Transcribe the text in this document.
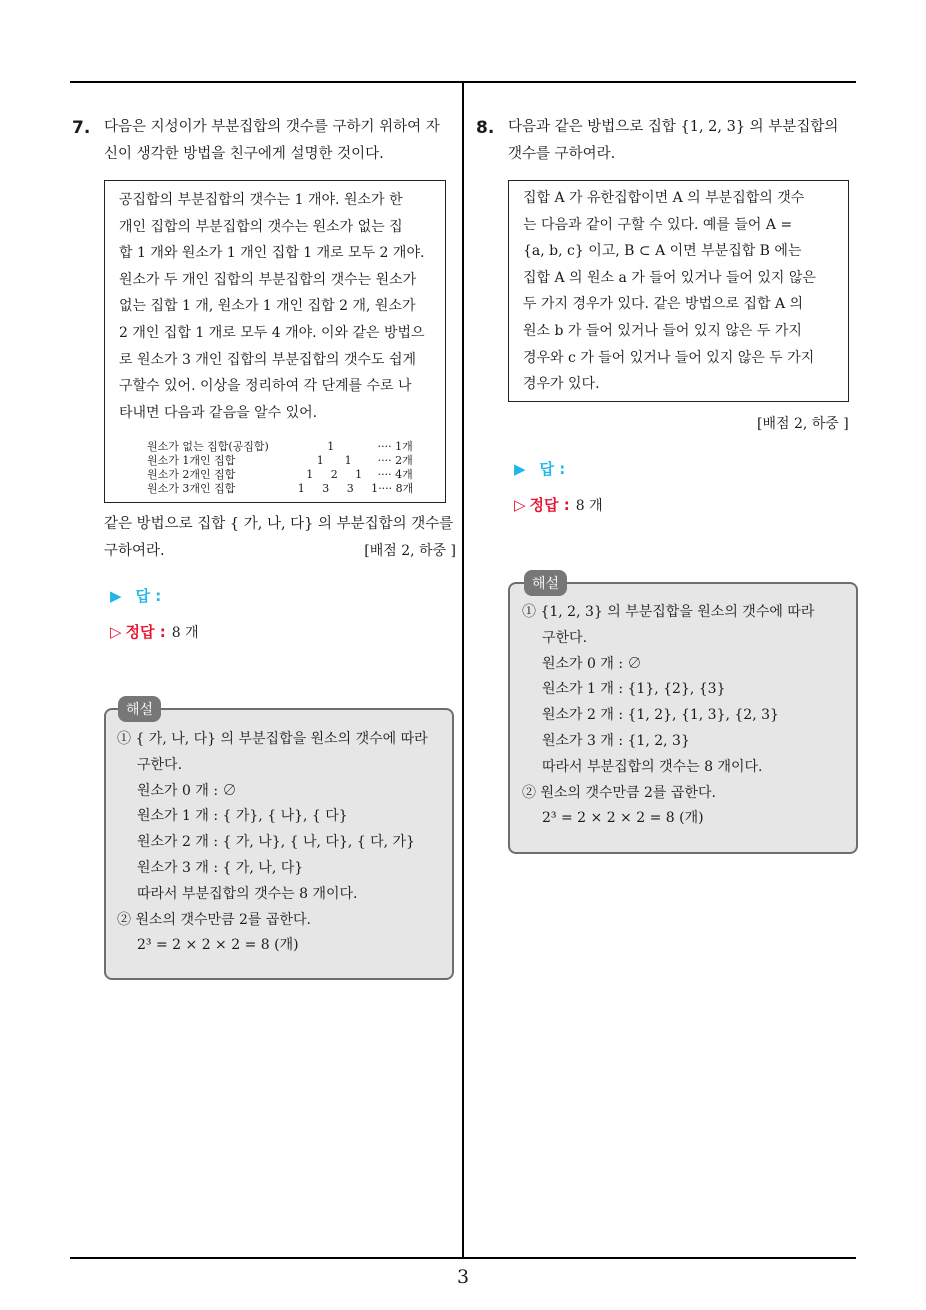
3
7. 다음은 지성이가 부분집합의 갯수를 구하기 위하여 자
신이 생각한 방법을 친구에게 설명한 것이다.
공집합의 부분집합의 갯수는 1 개야. 원소가 한
개인 집합의 부분집합의 갯수는 원소가 없는 집
합 1 개와 원소가 1 개인 집합 1 개로 모두 2 개야.
원소가 두 개인 집합의 부분집합의 갯수는 원소가
없는 집합 1 개, 원소가 1 개인 집합 2 개, 원소가
2 개인 집합 1 개로 모두 4 개야. 이와 같은 방법으
로 원소가 3 개인 집합의 부분집합의 갯수도 쉽게
구할수 있어. 이상을 정리하여 각 단계를 수로 나
타내면 다음과 같음을 알수 있어.
원소가 없는 집합(공집합)	1	···· 1개
원소가 1개인 집합	1      1	···· 2개
원소가 2개인 집합	1     2     1	···· 4개
원소가 3개인 집합	1     3     3     1 ···· 8개
같은 방법으로 집합 { 가, 나, 다} 의 부분집합의 갯수를
구하여라.	[배점 2, 하중 ]
▶ 답 :
▷ 정답 : 8 개
해설
① { 가, 나, 다} 의 부분집합을 원소의 갯수에 따라
구한다.
원소가 0 개 : ∅
원소가 1 개 : { 가}, { 나}, { 다}
원소가 2 개 : { 가, 나}, { 나, 다}, { 다, 가}
원소가 3 개 : { 가, 나, 다}
따라서 부분집합의 갯수는 8 개이다.
② 원소의 갯수만큼 2를 곱한다.
2³ = 2 × 2 × 2 = 8 (개)
8. 다음과 같은 방법으로 집합 {1, 2, 3} 의 부분집합의
갯수를 구하여라.
집합 A 가 유한집합이면 A 의 부분집합의 갯수
는 다음과 같이 구할 수 있다. 예를 들어 A =
{a, b, c} 이고, B ⊂ A 이면 부분집합 B 에는
집합 A 의 원소 a 가 들어 있거나 들어 있지 않은
두 가지 경우가 있다. 같은 방법으로 집합 A 의
원소 b 가 들어 있거나 들어 있지 않은 두 가지
경우와 c 가 들어 있거나 들어 있지 않은 두 가지
경우가 있다.
[배점 2, 하중 ]
▶ 답 :
▷ 정답 : 8 개
해설
① {1, 2, 3} 의 부분집합을 원소의 갯수에 따라
구한다.
원소가 0 개 : ∅
원소가 1 개 : {1}, {2}, {3}
원소가 2 개 : {1, 2}, {1, 3}, {2, 3}
원소가 3 개 : {1, 2, 3}
따라서 부분집합의 갯수는 8 개이다.
② 원소의 갯수만큼 2를 곱한다.
2³ = 2 × 2 × 2 = 8 (개)
